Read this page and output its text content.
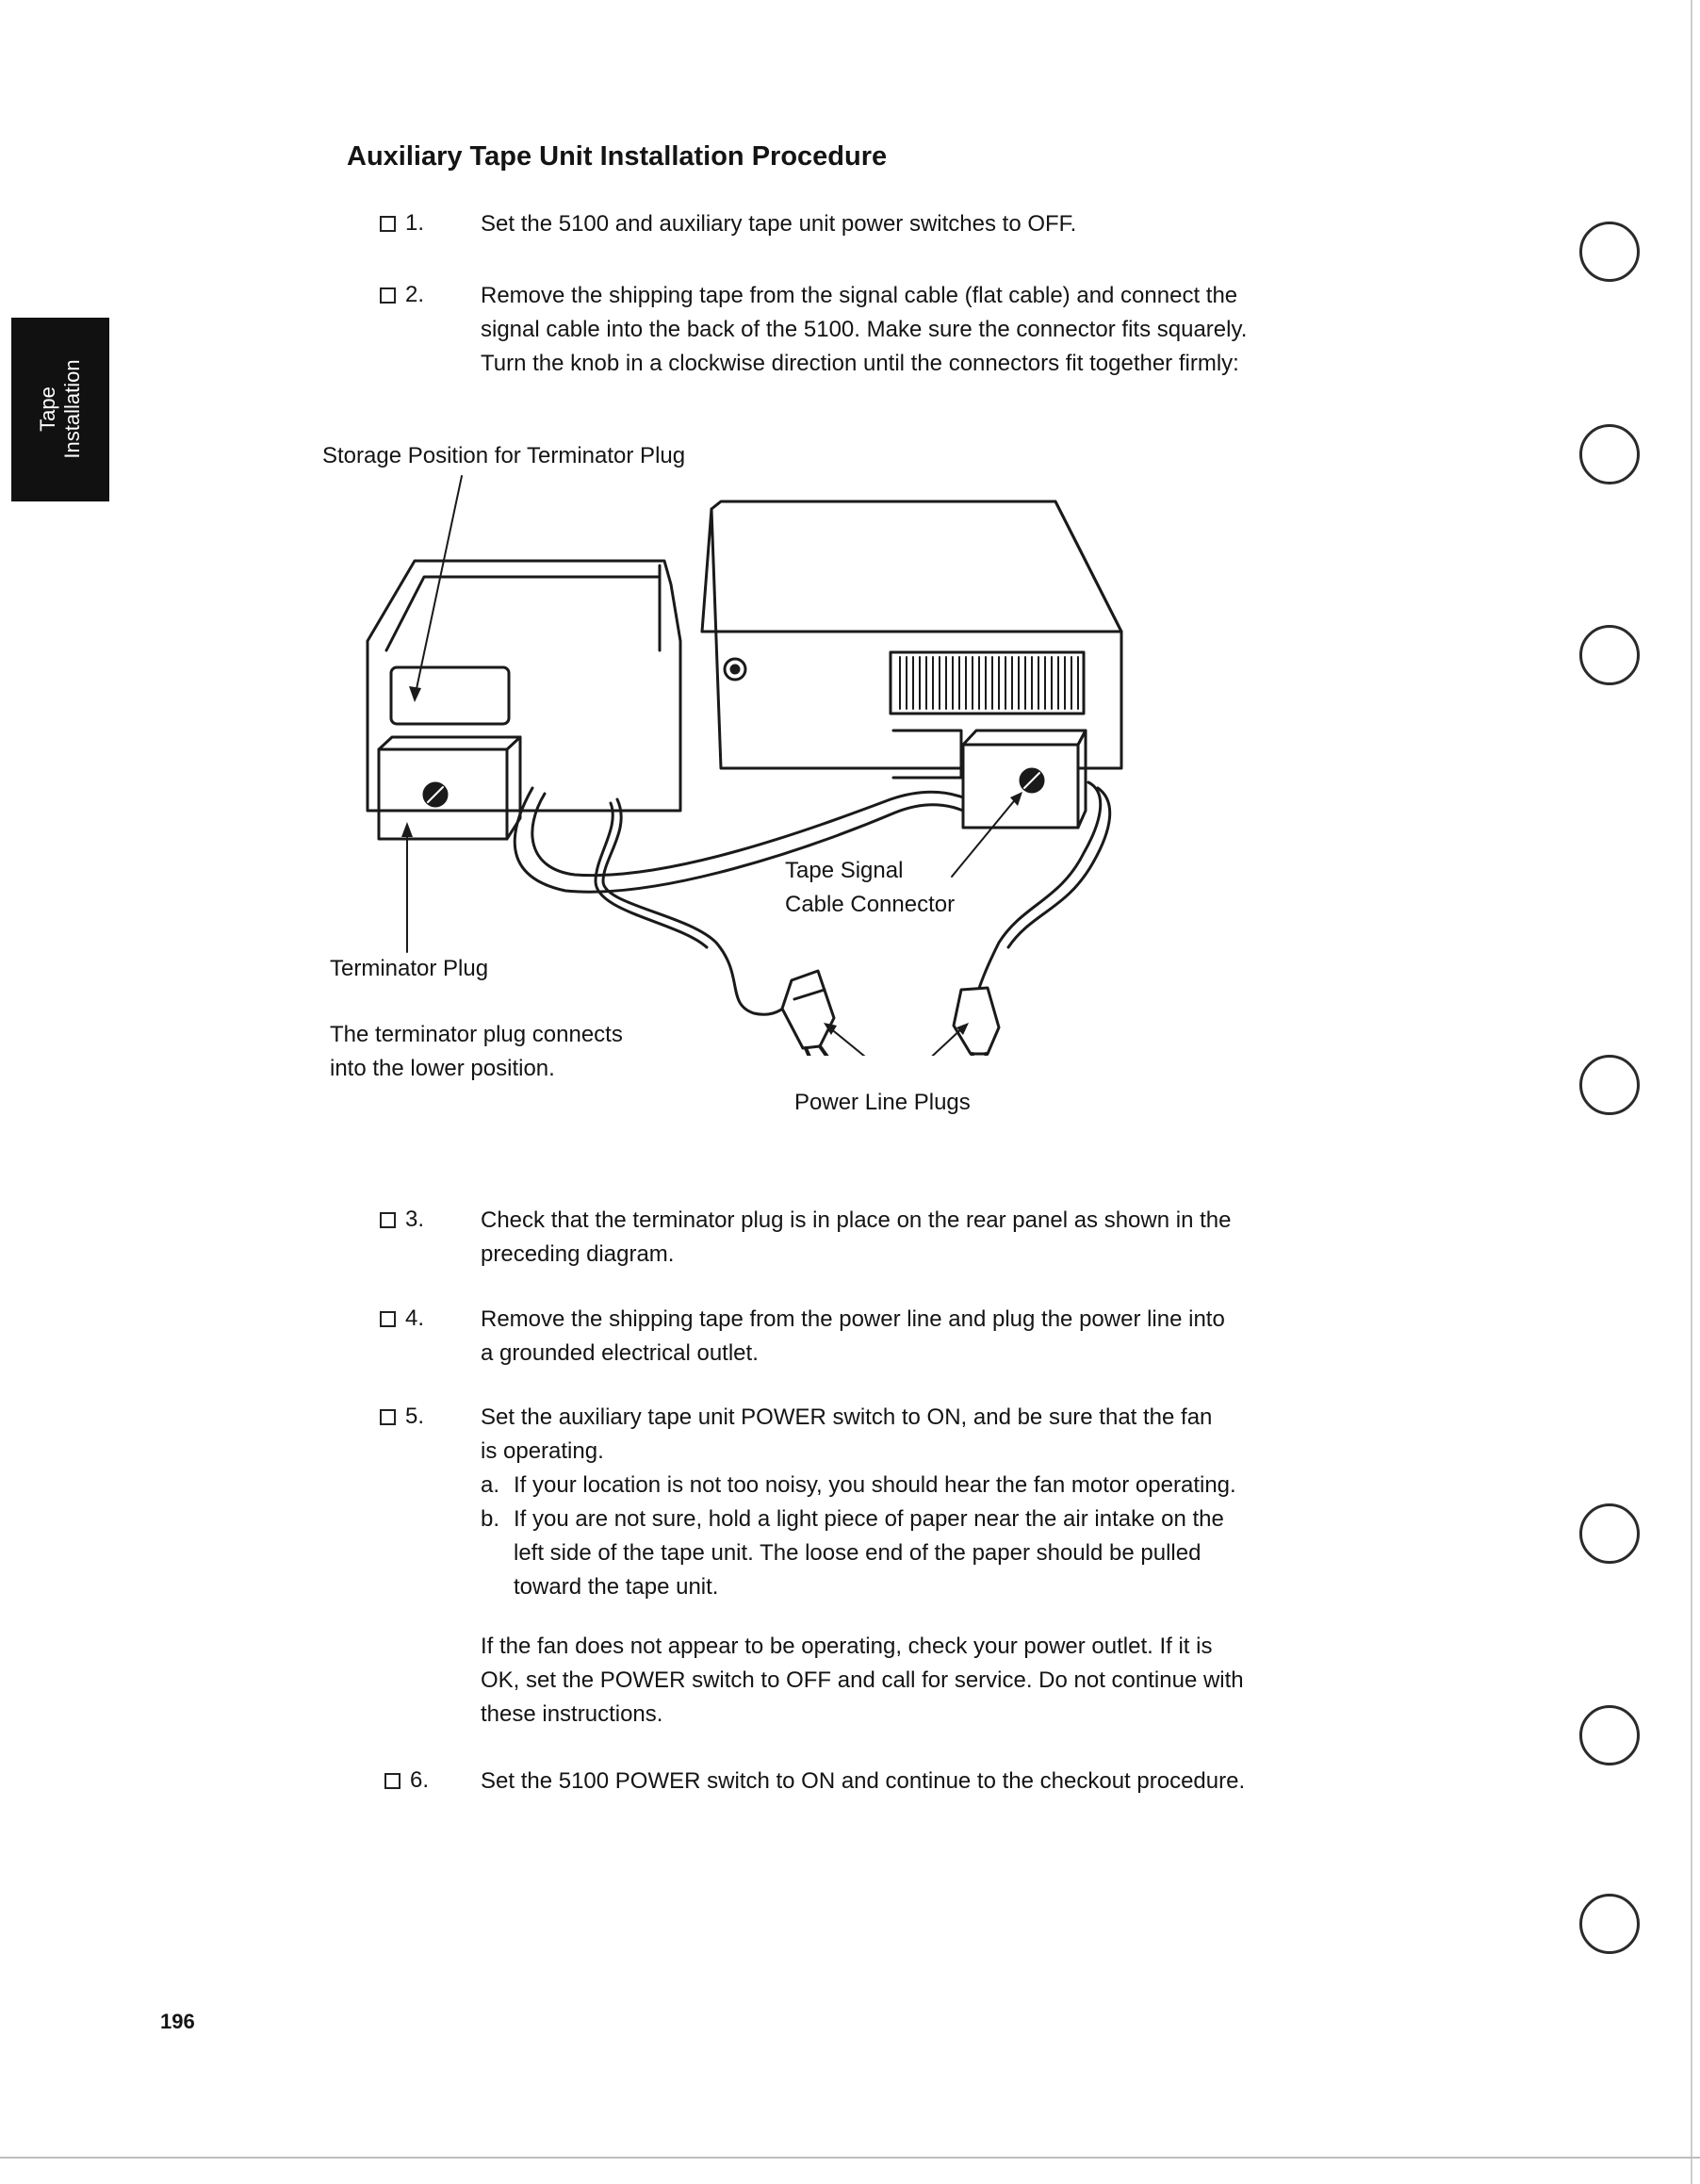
Tape Installation
Auxiliary Tape Unit Installation Procedure
1. Set the 5100 and auxiliary tape unit power switches to OFF.
2. Remove the shipping tape from the signal cable (flat cable) and connect the
signal cable into the back of the 5100. Make sure the connector fits squarely.
Turn the knob in a clockwise direction until the connectors fit together firmly:
Storage Position for Terminator Plug
Terminator Plug
The terminator plug connects
into the lower position.
Tape Signal
Cable Connector
Power Line Plugs
3. Check that the terminator plug is in place on the rear panel as shown in the
preceding diagram.
4. Remove the shipping tape from the power line and plug the power line into
a grounded electrical outlet.
5. Set the auxiliary tape unit POWER switch to ON, and be sure that the fan
is operating.
a. If your location is not too noisy, you should hear the fan motor operating.
b. If you are not sure, hold a light piece of paper near the air intake on the
left side of the tape unit. The loose end of the paper should be pulled
toward the tape unit.
If the fan does not appear to be operating, check your power outlet. If it is
OK, set the POWER switch to OFF and call for service. Do not continue with
these instructions.
6. Set the 5100 POWER switch to ON and continue to the checkout procedure.
196
